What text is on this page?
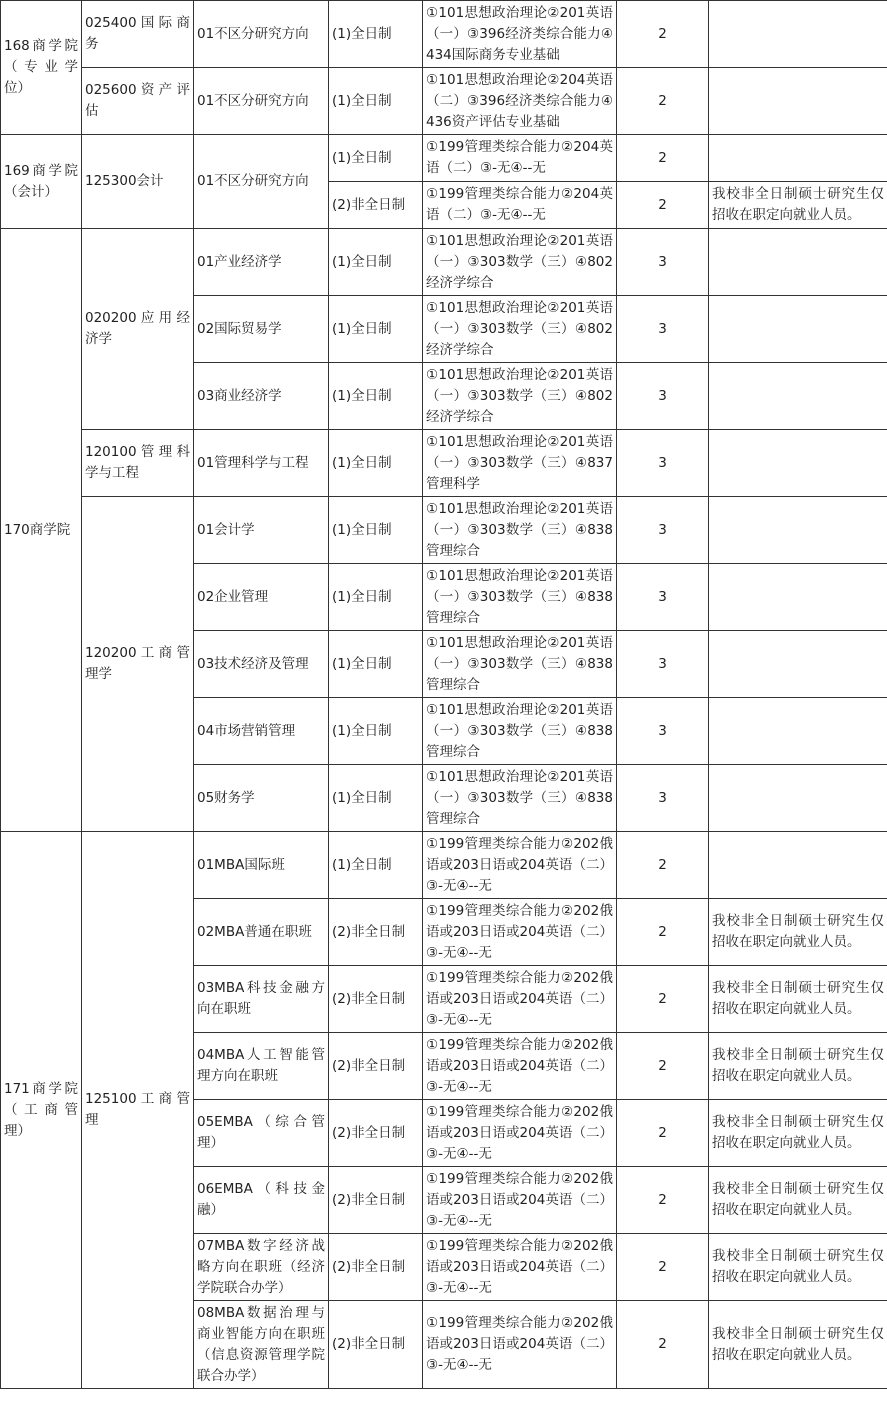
168商学院（专业学位）	025400国际商务	01不区分研究方向	(1)全日制	①101思想政治理论②201英语（一）③396经济类综合能力④434国际商务专业基础	2	
	025600资产评估	01不区分研究方向	(1)全日制	①101思想政治理论②204英语（二）③396经济类综合能力④436资产评估专业基础	2	
169商学院（会计）	125300会计	01不区分研究方向	(1)全日制	①199管理类综合能力②204英语（二）③-无④--无	2	
			(2)非全日制	①199管理类综合能力②204英语（二）③-无④--无	2	我校非全日制硕士研究生仅招收在职定向就业人员。
170商学院	020200应用经济学	01产业经济学	(1)全日制	①101思想政治理论②201英语（一）③303数学（三）④802经济学综合	3	
		02国际贸易学	(1)全日制	①101思想政治理论②201英语（一）③303数学（三）④802经济学综合	3	
		03商业经济学	(1)全日制	①101思想政治理论②201英语（一）③303数学（三）④802经济学综合	3	
	120100管理科学与工程	01管理科学与工程	(1)全日制	①101思想政治理论②201英语（一）③303数学（三）④837管理科学	3	
	120200工商管理学	01会计学	(1)全日制	①101思想政治理论②201英语（一）③303数学（三）④838管理综合	3	
		02企业管理	(1)全日制	①101思想政治理论②201英语（一）③303数学（三）④838管理综合	3	
		03技术经济及管理	(1)全日制	①101思想政治理论②201英语（一）③303数学（三）④838管理综合	3	
		04市场营销管理	(1)全日制	①101思想政治理论②201英语（一）③303数学（三）④838管理综合	3	
		05财务学	(1)全日制	①101思想政治理论②201英语（一）③303数学（三）④838管理综合	3	
171商学院（工商管理）	125100工商管理	01MBA国际班	(1)全日制	①199管理类综合能力②202俄语或203日语或204英语（二）③-无④--无	2	
		02MBA普通在职班	(2)非全日制	①199管理类综合能力②202俄语或203日语或204英语（二）③-无④--无	2	我校非全日制硕士研究生仅招收在职定向就业人员。
		03MBA科技金融方向在职班	(2)非全日制	①199管理类综合能力②202俄语或203日语或204英语（二）③-无④--无	2	我校非全日制硕士研究生仅招收在职定向就业人员。
		04MBA人工智能管理方向在职班	(2)非全日制	①199管理类综合能力②202俄语或203日语或204英语（二）③-无④--无	2	我校非全日制硕士研究生仅招收在职定向就业人员。
		05EMBA（综合管理）	(2)非全日制	①199管理类综合能力②202俄语或203日语或204英语（二）③-无④--无	2	我校非全日制硕士研究生仅招收在职定向就业人员。
		06EMBA（科技金融）	(2)非全日制	①199管理类综合能力②202俄语或203日语或204英语（二）③-无④--无	2	我校非全日制硕士研究生仅招收在职定向就业人员。
		07MBA数字经济战略方向在职班（经济学院联合办学）	(2)非全日制	①199管理类综合能力②202俄语或203日语或204英语（二）③-无④--无	2	我校非全日制硕士研究生仅招收在职定向就业人员。
		08MBA数据治理与商业智能方向在职班（信息资源管理学院联合办学）	(2)非全日制	①199管理类综合能力②202俄语或203日语或204英语（二）③-无④--无	2	我校非全日制硕士研究生仅招收在职定向就业人员。
